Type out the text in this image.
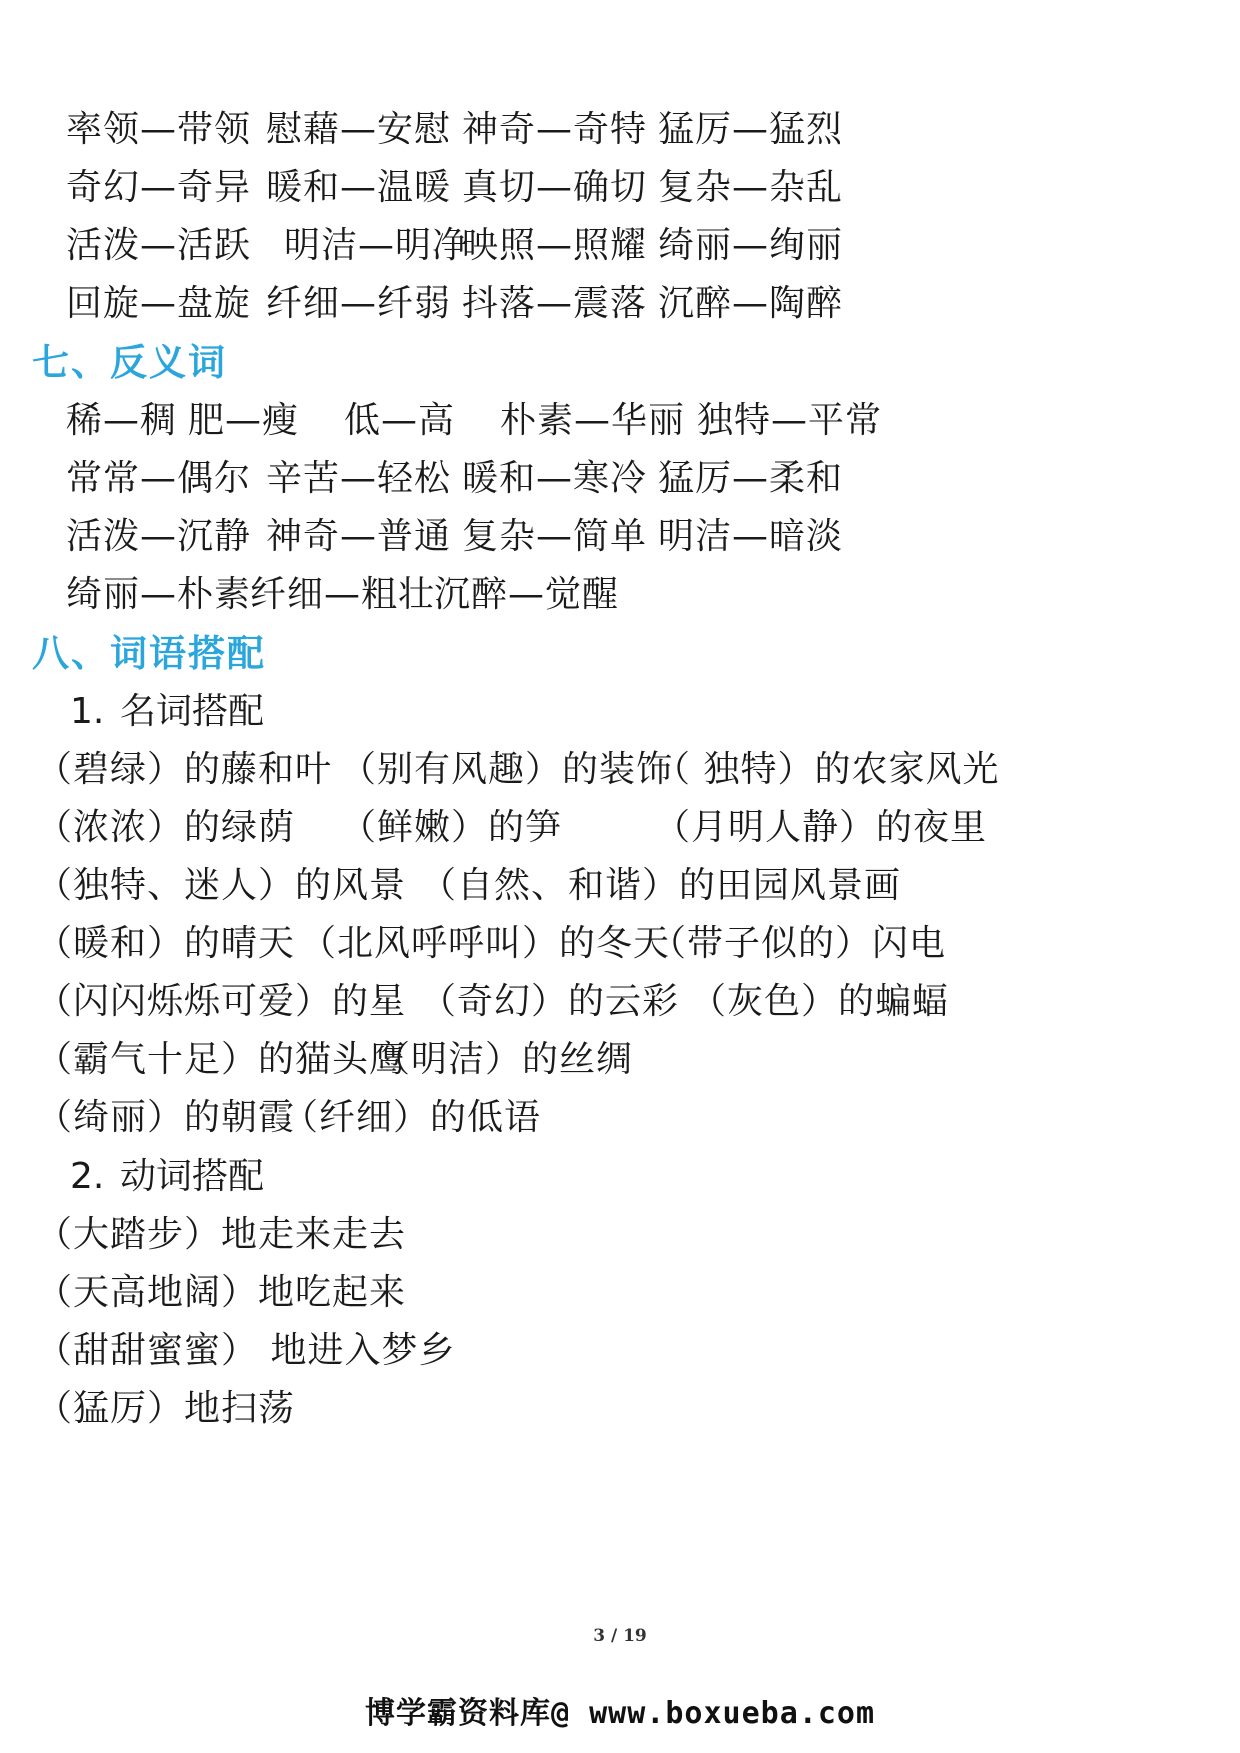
率领—带领 慰藉—安慰 神奇—奇特 猛厉—猛烈
奇幻—奇异 暖和—温暖 真切—确切 复杂—杂乱
活泼—活跃 明洁—明净
映照—照耀 绮丽—绚丽
回旋—盘旋 纤细—纤弱 抖落—震落 沉醉—陶醉
七、反义词
稀—稠 肥—瘦 低—高 朴素—华丽 独特—平常
常常—偶尔 辛苦—轻松 暖和—寒冷 猛厉—柔和
活泼—沉静 神奇—普通 复杂—简单 明洁—暗淡
绮丽—朴素
纤细—粗壮
沉醉—觉醒
八、词语搭配
1. 名词搭配
（碧绿）的藤和叶 （别有风趣）的装饰
（ 独特）的农家风光
（浓浓）的绿荫 （鲜嫩）的笋	（月明人静）的夜里
（独特、迷人）的风景 （自然、和谐）的田园风景画
（暖和）的晴天 （北风呼呼叫）的冬天
（带子似的）闪电
（闪闪烁烁可爱）的星 （奇幻）的云彩 （灰色）的蝙蝠
（霸气十足）的猫头鹰
（明洁）的丝绸
（绮丽）的朝霞
（纤细）的低语
2. 动词搭配
（大踏步）地走来走去
（天高地阔）地吃起来
（甜甜蜜蜜） 地进入梦乡
（猛厉）地扫荡
3 / 19
博学霸资料库@ www.boxueba.com
